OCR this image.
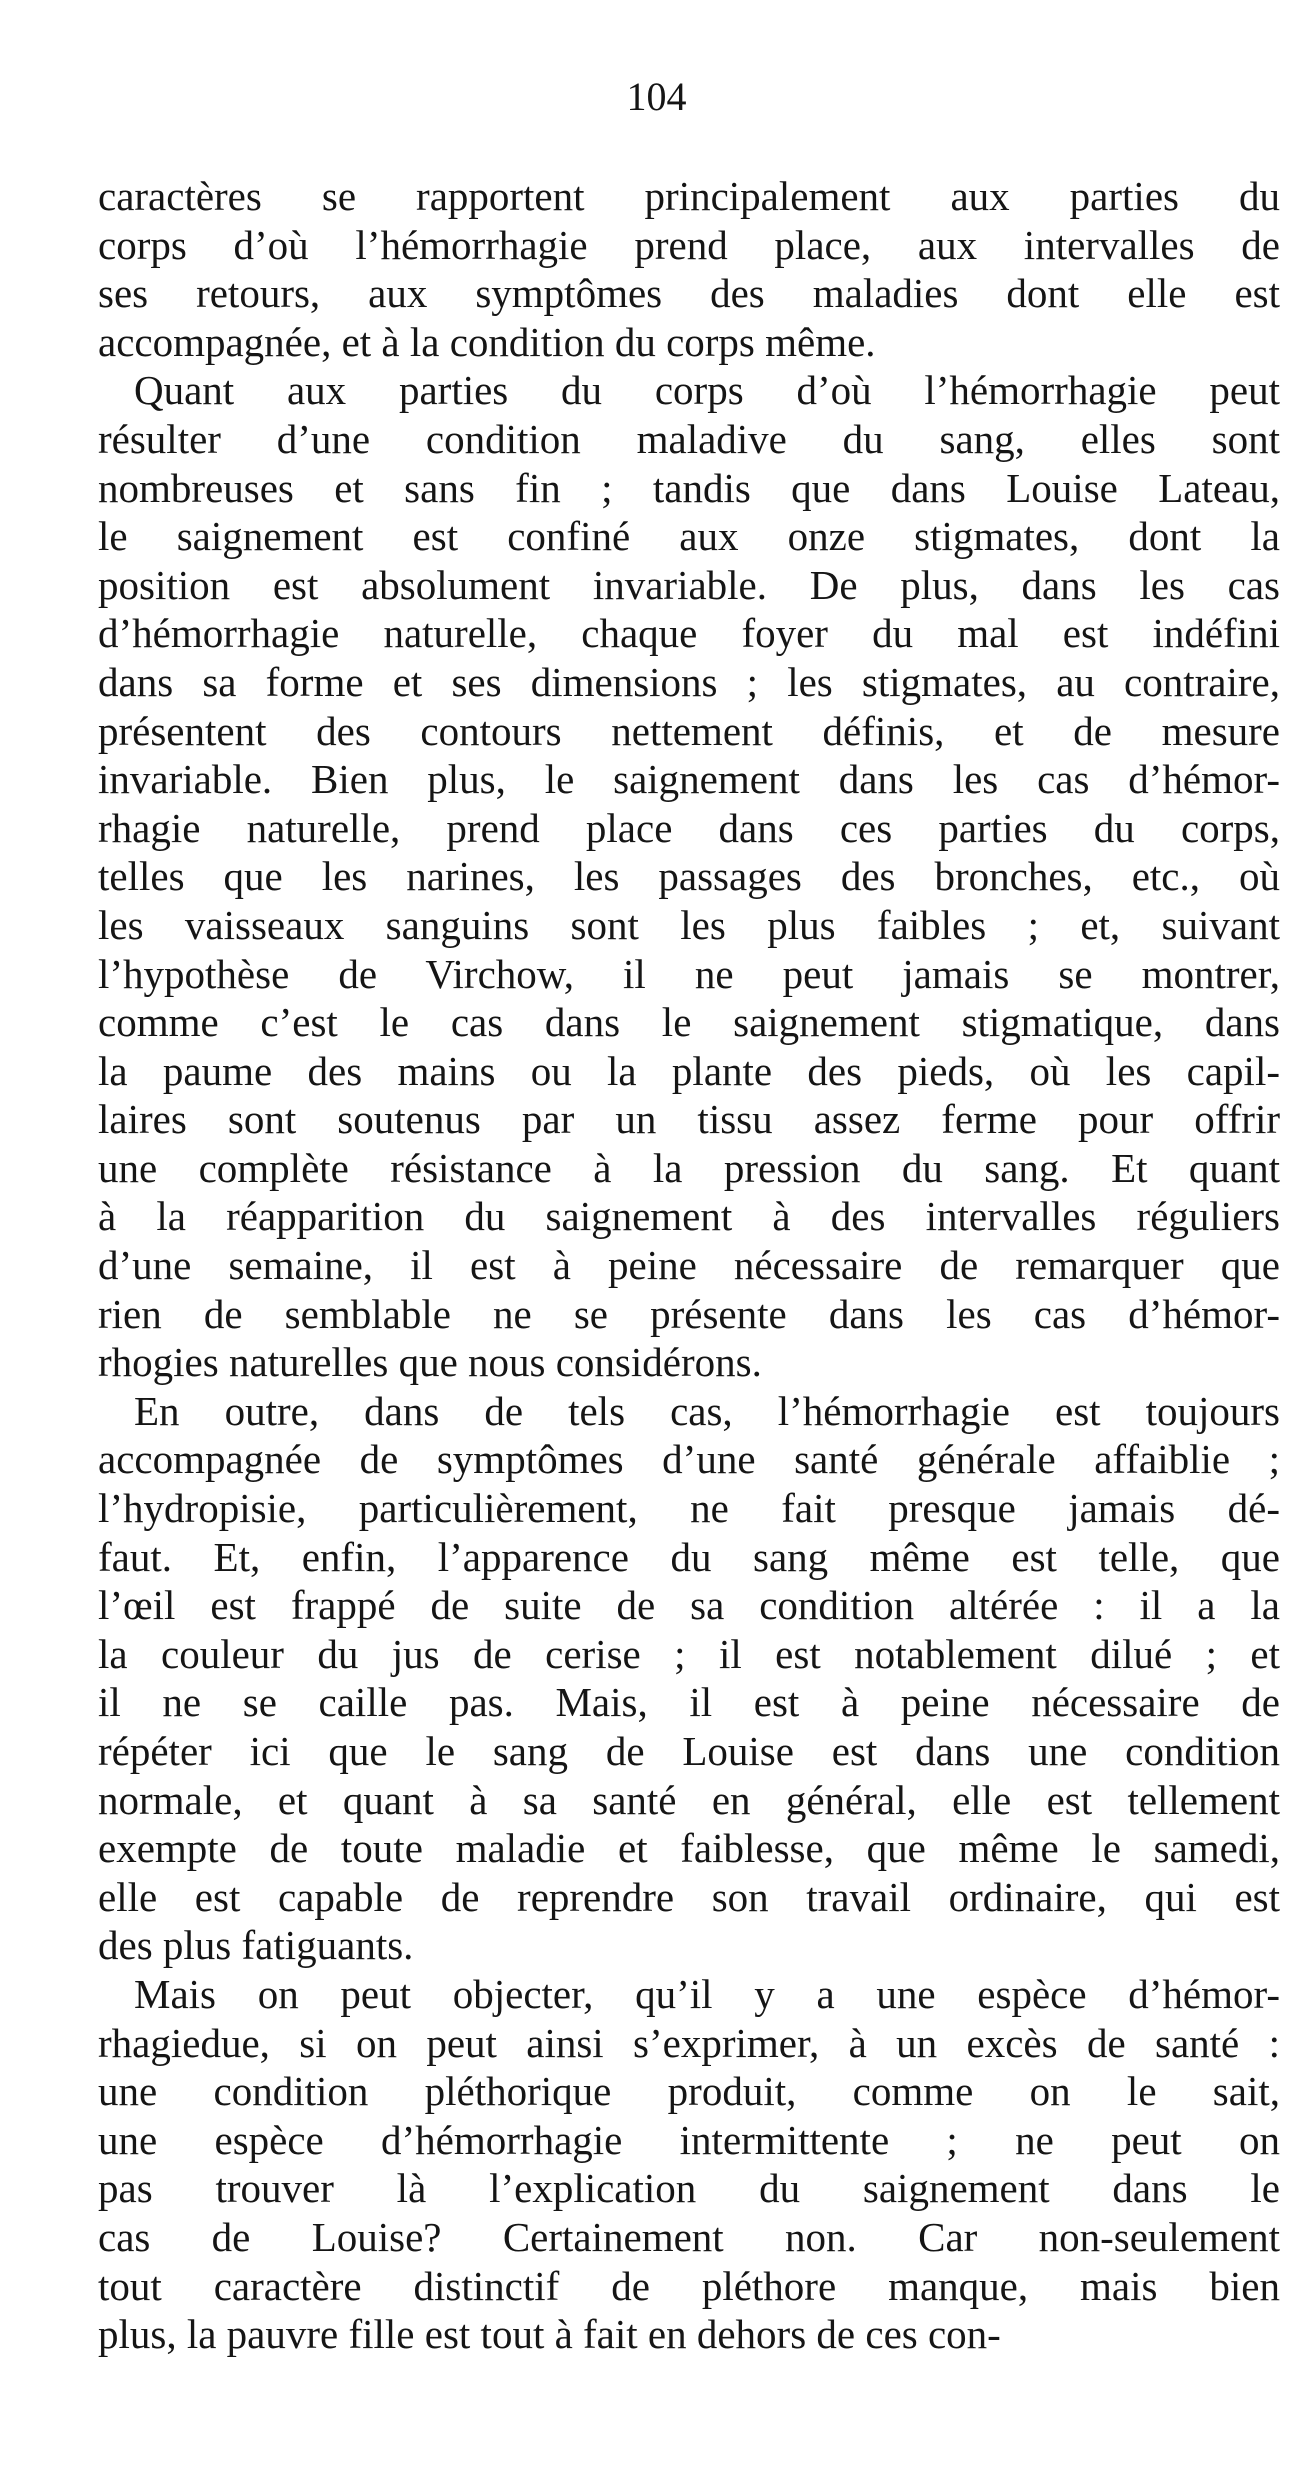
104
caractères se rapportent principalement aux parties du
corps d’où l’hémorrhagie prend place, aux intervalles de
ses retours, aux symptômes des maladies dont elle est
accompagnée, et à la condition du corps même.
Quant aux parties du corps d’où l’hémorrhagie peut
résulter d’une condition maladive du sang, elles sont
nombreuses et sans fin ; tandis que dans Louise Lateau,
le saignement est confiné aux onze stigmates, dont la
position est absolument invariable. De plus, dans les cas
d’hémorrhagie naturelle, chaque foyer du mal est indéfini
dans sa forme et ses dimensions ; les stigmates, au contraire,
présentent des contours nettement définis, et de mesure
invariable. Bien plus, le saignement dans les cas d’hémor-
rhagie naturelle, prend place dans ces parties du corps,
telles que les narines, les passages des bronches, etc., où
les vaisseaux sanguins sont les plus faibles ; et, suivant
l’hypothèse de Virchow, il ne peut jamais se montrer,
comme c’est le cas dans le saignement stigmatique, dans
la paume des mains ou la plante des pieds, où les capil-
laires sont soutenus par un tissu assez ferme pour offrir
une complète résistance à la pression du sang. Et quant
à la réapparition du saignement à des intervalles réguliers
d’une semaine, il est à peine nécessaire de remarquer que
rien de semblable ne se présente dans les cas d’hémor-
rhogies naturelles que nous considérons.
En outre, dans de tels cas, l’hémorrhagie est toujours
accompagnée de symptômes d’une santé générale affaiblie ;
l’hydropisie, particulièrement, ne fait presque jamais dé-
faut. Et, enfin, l’apparence du sang même est telle, que
l’œil est frappé de suite de sa condition altérée : il a la
la couleur du jus de cerise ; il est notablement dilué ; et
il ne se caille pas. Mais, il est à peine nécessaire de
répéter ici que le sang de Louise est dans une condition
normale, et quant à sa santé en général, elle est tellement
exempte de toute maladie et faiblesse, que même le samedi,
elle est capable de reprendre son travail ordinaire, qui est
des plus fatiguants.
Mais on peut objecter, qu’il y a une espèce d’hémor-
rhagiedue, si on peut ainsi s’exprimer, à un excès de santé :
une condition pléthorique produit, comme on le sait,
une espèce d’hémorrhagie intermittente ; ne peut on
pas trouver là l’explication du saignement dans le
cas de Louise? Certainement non. Car non-seulement
tout caractère distinctif de pléthore manque, mais bien
plus, la pauvre fille est tout à fait en dehors de ces con-
